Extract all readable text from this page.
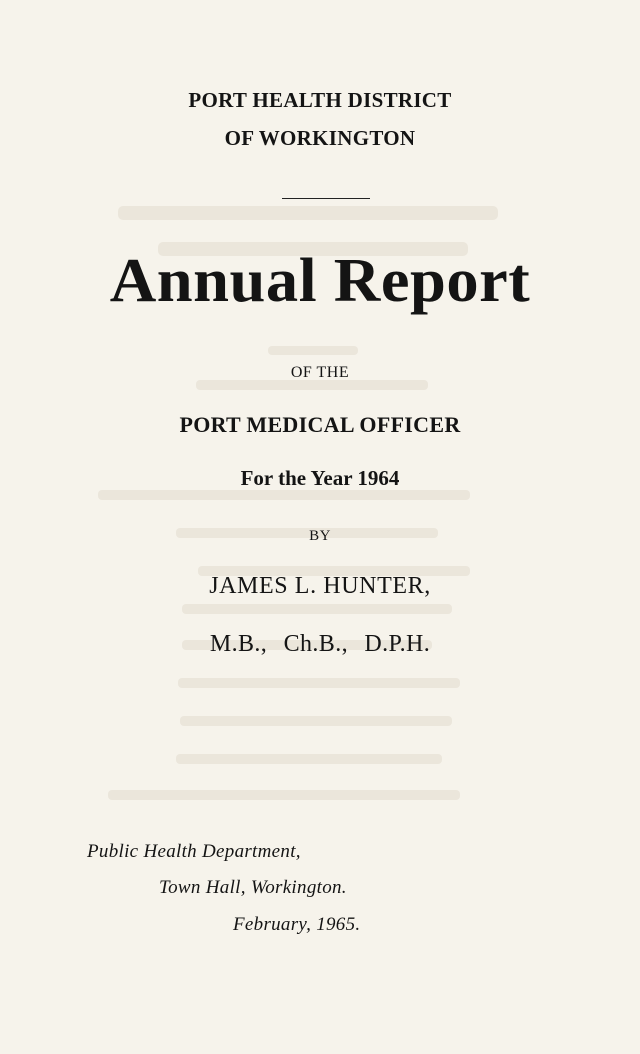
PORT HEALTH DISTRICT
OF WORKINGTON
Annual Report
OF THE
PORT MEDICAL OFFICER
For the Year 1964
BY
JAMES L. HUNTER,
M.B., Ch.B., D.P.H.
Public Health Department,
Town Hall, Workington.
February, 1965.
